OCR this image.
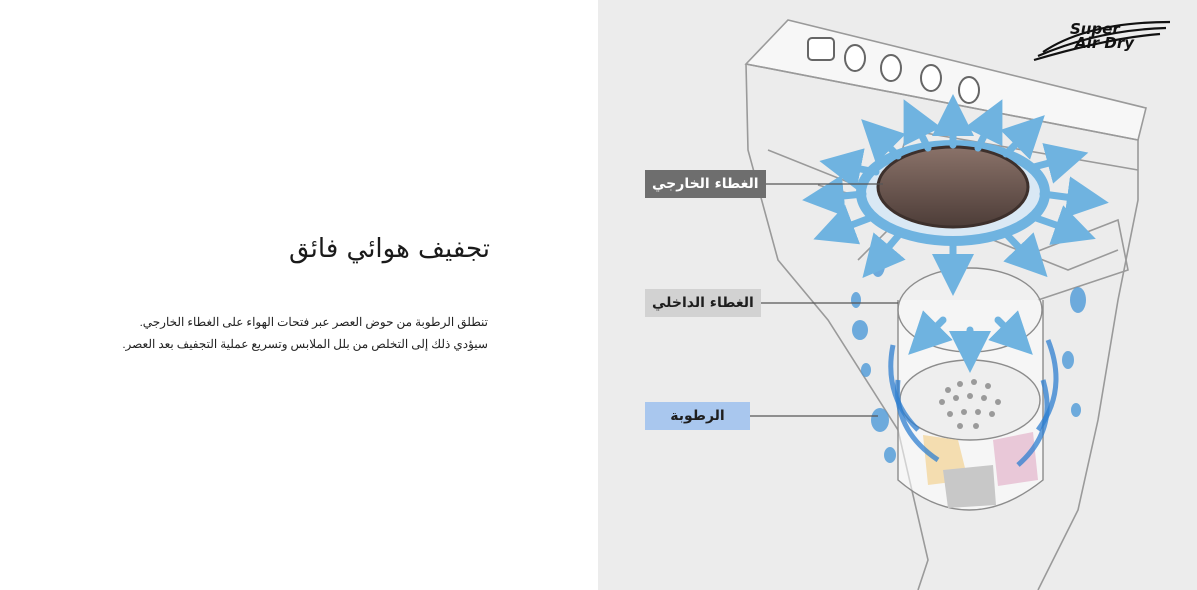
تجفيف هوائي فائق

تنطلق الرطوبة من حوض العصر عبر فتحات الهواء على الغطاء الخارجي.

سيؤدي ذلك إلى التخلص من بلل الملابس وتسريع عملية التجفيف بعد العصر.

الغطاء الخارجي
الغطاء الداخلي
الرطوبة
Super
Air Dry
